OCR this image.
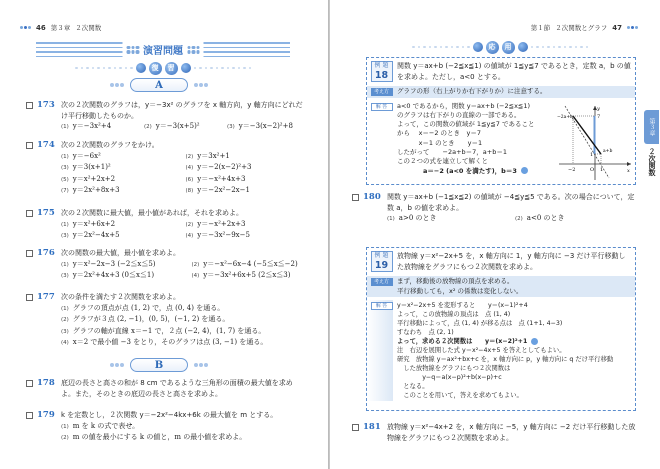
46 第３章 ２次関数
演習問題
復	習
A
173 次の２次関数のグラフは，y＝−3x² のグラフを x 軸方向，y 軸方向にどれだけ平行移動したものか。
(1) y＝−3x²+4	(2) y＝−3(x+5)²	(3) y＝−3(x−2)²+8
174 次の２次関数のグラフをかけ。
(1) y＝−6x²	(2) y＝3x²+1
(3) y＝3(x+1)²	(4) y＝−2(x−2)²+3
(5) y＝x²+2x+2	(6) y＝−x²+4x+3
(7) y＝2x²+8x+3	(8) y＝−2x²−2x−1
175 次の２次関数に最大値，最小値があれば，それを求めよ。
(1) y＝x²+6x+2	(2) y＝−x²+2x+3
(3) y＝2x²−4x+5	(4) y＝−3x²−9x−5
176 次の関数の最大値，最小値を求めよ。
(1) y＝x²−2x−3 (−2≦x≦5)	(2) y＝−x²−6x−4 (−5≦x≦−2)
(3) y＝2x²+4x+3 (0≦x≦1)	(4) y＝−3x²+6x+5 (2≦x≦3)
177 次の条件を満たす２次関数を求めよ。
(1) グラフの頂点が点 (1, 2) で，点 (0, 4) を通る。
(2) グラフが３点 (2, −1)，(0, 5)，(−1, 2) を通る。
(3) グラフの軸が直線 x＝−1 で，２点 (−2, 4)，(1, 7) を通る。
(4) x＝2 で最小値 −3 をとり，そのグラフは点 (3, −1) を通る。
B
178 底辺の長さと高さの和が 8 cm であるような三角形の面積の最大値を求めよ。また，そのときの底辺の長さと高さを求めよ。
179 k を定数とし，２次関数 y＝−2x²−4kx+6k の最大値を m とする。
(1) m を k の式で表せ。
(2) m の値を最小にする k の値と，m の最小値を求めよ。
第１節 ２次関数とグラフ 47
応	用
例 題
18
関数 y＝ax+b (−2≦x≦1) の値域が 1≦y≦7 であるとき，定数 a，b の値を求めよ。ただし，a<0 とする。
考え方	グラフの形（右上がりか右下がりか）に注意する。
解 答	a<0 であるから，関数 y＝ax+b (−2≦x≦1)
のグラフは右下がりの直線の一部である。
よって，この関数の値域が 1≦y≦7 であること
から　 x＝−2 のとき　y＝7
　　　 x＝1 のとき　　y＝1
したがって　　−2a+b＝7，a+b＝1
この２つの式を連立して解くと
　　　　a＝−2 (a<0 を満たす)，b＝3
y
x
O
−2	1
7
1
−2a+b
a+b
180 関数 y＝ax+b (−1≦x≦2) の値域が −4≦y≦5 である。次の場合について，定数 a，b の値を求めよ。
(1) a>0 のとき	(2) a<0 のとき
例 題
19
放物線 y＝x²−2x+5 を，x 軸方向に 1，y 軸方向に −3 だけ平行移動した放物線をグラフにもつ２次関数を求めよ。
考え方	まず，移動後の放物線の頂点を求める。
平行移動しても，x² の係数は変化しない。
解 答	y＝x²−2x+5 を変形すると　　y＝(x−1)²+4
よって，この放物線の頂点は　点 (1, 4)
平行移動によって，点 (1, 4) が移る点は　点 (1+1, 4−3)
すなわち　点 (2, 1)
よって，求める２次関数は　　y＝(x−2)²+1
注　右辺を展開した式 y＝x²−4x+5 を答えとしてもよい。
研究　放物線 y＝ax²+bx+c を，x 軸方向に p，y 軸方向に q だけ平行移動
　した放物線をグラフにもつ２次関数は
　　　　y−q＝a(x−p)²+b(x−p)+c
　となる。
　このことを用いて，答えを求めてもよい。
181 放物線 y＝x²−4x+2 を，x 軸方向に −5，y 軸方向に −2 だけ平行移動した放物線をグラフにもつ２次関数を求めよ。
第３章
２次関数
